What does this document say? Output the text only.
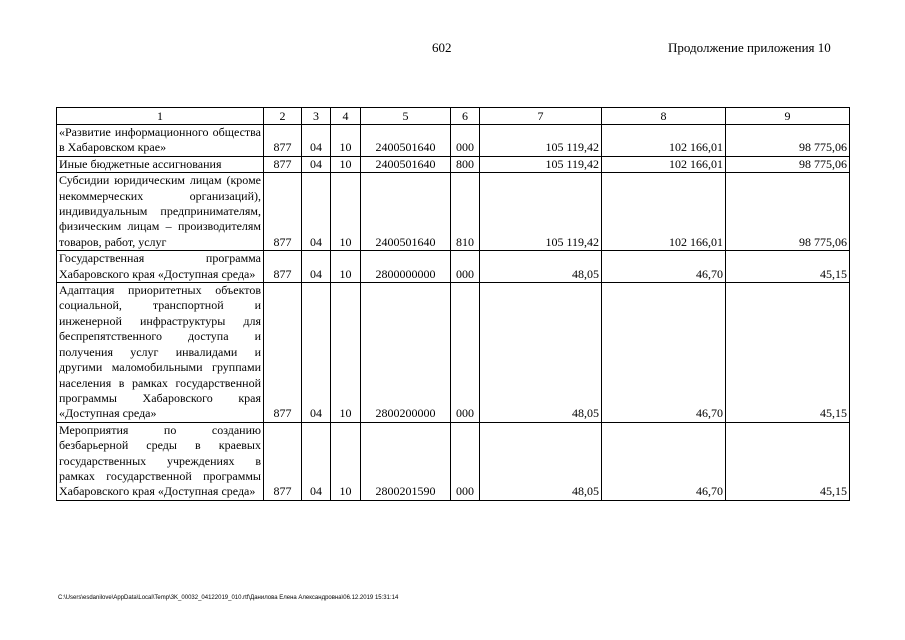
602	Продолжение приложения 10
1	2	3	4	5	6	7	8	9
«Развитие информационного общества в Хабаровском крае»	877	04	10	2400501640	000	105 119,42	102 166,01	98 775,06
Иные бюджетные ассигнования	877	04	10	2400501640	800	105 119,42	102 166,01	98 775,06
Субсидии юридическим лицам (кроме некоммерческих организаций), индивидуальным предпринимателям, физическим лицам – производителям товаров, работ, услуг	877	04	10	2400501640	810	105 119,42	102 166,01	98 775,06
Государственная программа Хабаровского края «Доступная среда»	877	04	10	2800000000	000	48,05	46,70	45,15
Адаптация приоритетных объектов социальной, транспортной и инженерной инфраструктуры для беспрепятственного доступа и получения услуг инвалидами и другими маломобильными группами населения в рамках государственной программы Хабаровского края «Доступная среда»	877	04	10	2800200000	000	48,05	46,70	45,15
Мероприятия по созданию безбарьерной среды в краевых государственных учреждениях в рамках государственной программы Хабаровского края «Доступная среда»	877	04	10	2800201590	000	48,05	46,70	45,15
C:\Users\esdanilove\AppData\Local\Temp\3K_00032_04122019_010.rtf\Данилова Елена Александровна\06.12.2019 15:31:14
